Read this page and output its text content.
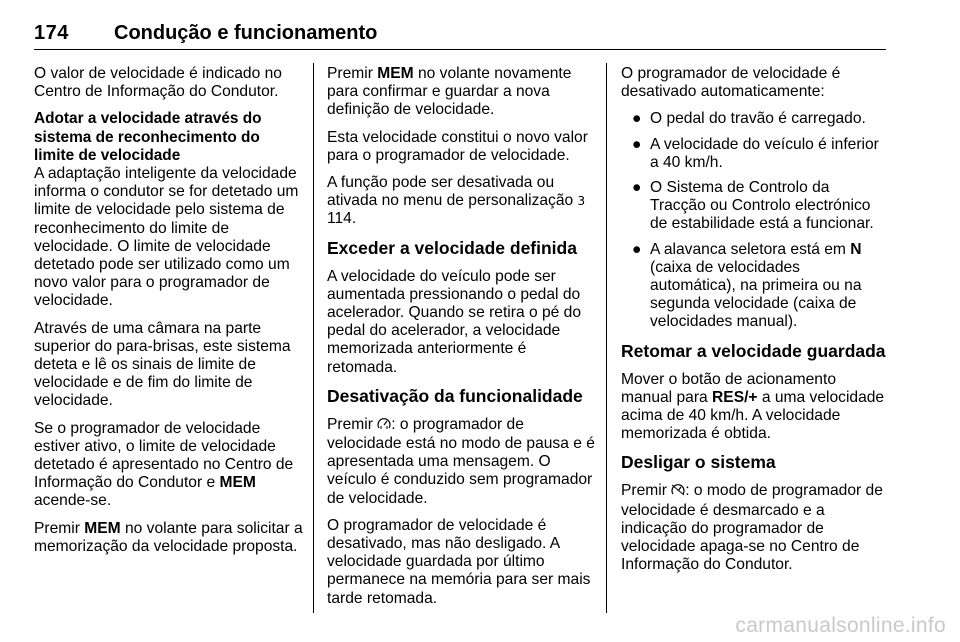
174 Condução e funcionamento

O valor de velocidade é indicado no Centro de Informação do Condutor.

Adotar a velocidade através do sistema de reconhecimento do limite de velocidade

A adaptação inteligente da velocidade informa o condutor se for detetado um limite de velocidade pelo sistema de reconhecimento do limite de velocidade. O limite de velocidade detetado pode ser utilizado como um novo valor para o programador de velocidade.

Através de uma câmara na parte superior do para-brisas, este sistema deteta e lê os sinais de limite de velocidade e de fim do limite de velocidade.

Se o programador de velocidade estiver ativo, o limite de velocidade detetado é apresentado no Centro de Informação do Condutor e MEM acende-se.

Premir MEM no volante para solicitar a memorização da velocidade proposta.

Premir MEM no volante novamente para confirmar e guardar a nova definição de velocidade.

Esta velocidade constitui o novo valor para o programador de velocidade.

A função pode ser desativada ou ativada no menu de personalização 3 114.

Exceder a velocidade definida

A velocidade do veículo pode ser aumentada pressionando o pedal do acelerador. Quando se retira o pé do pedal do acelerador, a velocidade memorizada anteriormente é retomada.

Desativação da funcionalidade

Premir : o programador de velocidade está no modo de pausa e é apresentada uma mensagem. O veículo é conduzido sem programador de velocidade.

O programador de velocidade é desativado, mas não desligado. A velocidade guardada por último permanece na memória para ser mais tarde retomada.

O programador de velocidade é desativado automaticamente:

● O pedal do travão é carregado.
● A velocidade do veículo é inferior a 40 km/h.
● O Sistema de Controlo da Tracção ou Controlo electrónico de estabilidade está a funcionar.
● A alavanca seletora está em N (caixa de velocidades automática), na primeira ou na segunda velocidade (caixa de velocidades manual).
Retomar a velocidade guardada

Mover o botão de acionamento manual para RES/+ a uma velocidade acima de 40 km/h. A velocidade memorizada é obtida.

Desligar o sistema

Premir : o modo de programador de velocidade é desmarcado e a indicação do programador de velocidade apaga-se no Centro de Informação do Condutor.

carmanualsonline.info
